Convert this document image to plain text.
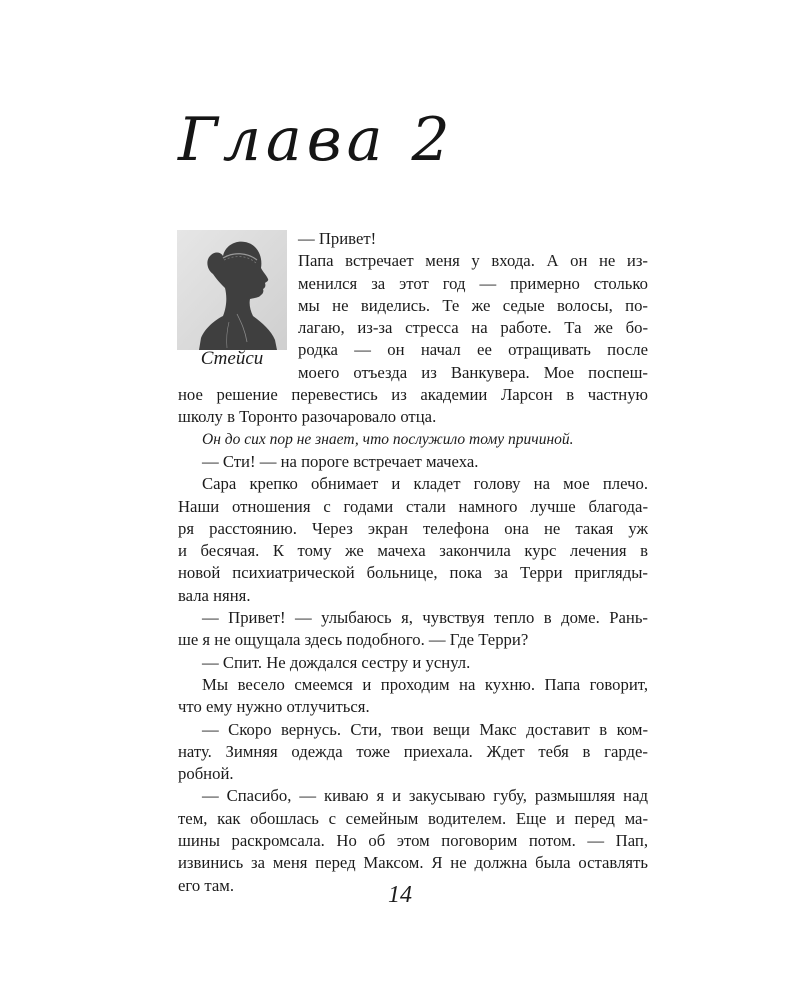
Глава 2
Стейси

— Привет!

Папа встречает меня у входа. А он не из-

менился за этот год — примерно столько

мы не виделись. Те же седые волосы, по-

лагаю, из-за стресса на работе. Та же бо-

родка — он начал ее отращивать после

моего отъезда из Ванкувера. Мое поспеш-

ное решение перевестись из академии Ларсон в частную

школу в Торонто разочаровало отца.

Он до сих пор не знает, что послужило тому причиной.

— Сти! — на пороге встречает мачеха.

Сара крепко обнимает и кладет голову на мое плечо.

Наши отношения с годами стали намного лучше благода-

ря расстоянию. Через экран телефона она не такая уж

и бесячая. К тому же мачеха закончила курс лечения в

новой психиатрической больнице, пока за Терри пригляды-

вала няня.

— Привет! — улыбаюсь я, чувствуя тепло в доме. Рань-

ше я не ощущала здесь подобного. — Где Терри?

— Спит. Не дождался сестру и уснул.

Мы весело смеемся и проходим на кухню. Папа говорит,

что ему нужно отлучиться.

— Скоро вернусь. Сти, твои вещи Макс доставит в ком-

нату. Зимняя одежда тоже приехала. Ждет тебя в гарде-

робной.

— Спасибо, — киваю я и закусываю губу, размышляя над

тем, как обошлась с семейным водителем. Еще и перед ма-

шины раскромсала. Но об этом поговорим потом. — Пап,

извинись за меня перед Максом. Я не должна была оставлять

его там.	14
